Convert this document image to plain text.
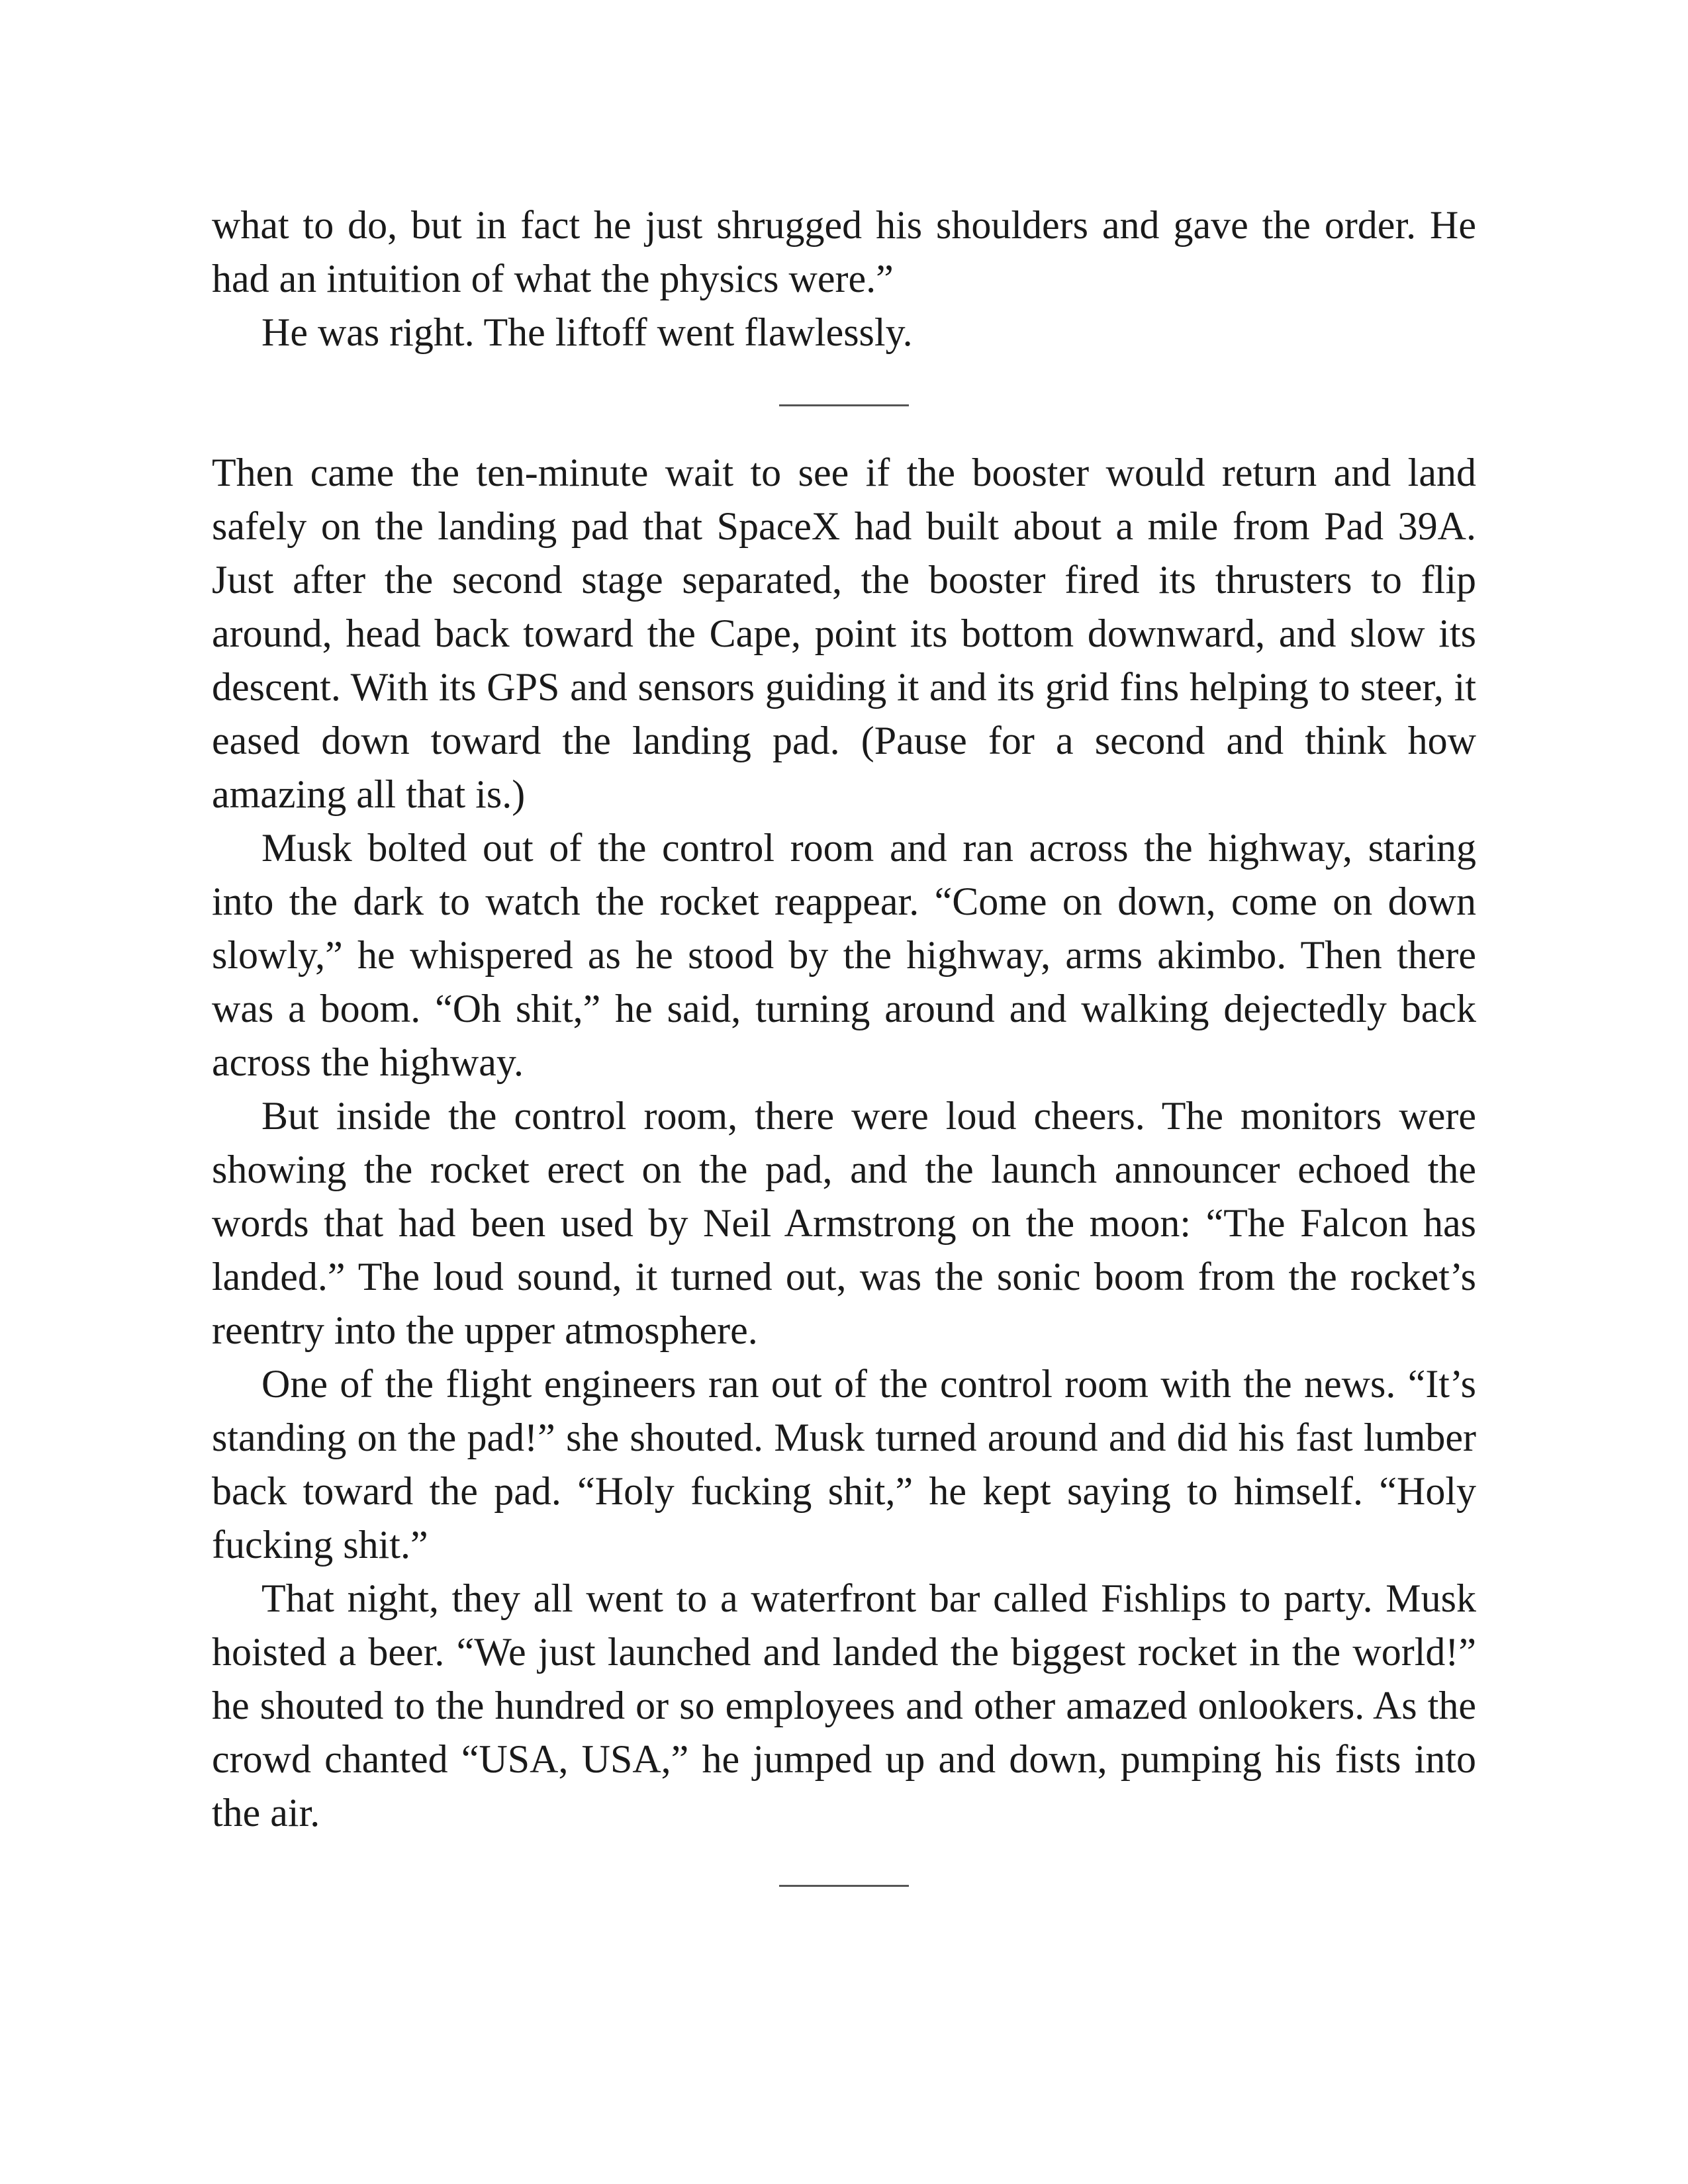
what to do, but in fact he just shrugged his shoulders and gave the order. He had an intuition of what the physics were.”

He was right. The liftoff went flawlessly.

Then came the ten-minute wait to see if the booster would return and land safely on the landing pad that SpaceX had built about a mile from Pad 39A. Just after the second stage separated, the booster fired its thrusters to flip around, head back toward the Cape, point its bottom downward, and slow its descent. With its GPS and sensors guiding it and its grid fins helping to steer, it eased down toward the landing pad. (Pause for a second and think how amazing all that is.)

Musk bolted out of the control room and ran across the highway, staring into the dark to watch the rocket reappear. “Come on down, come on down slowly,” he whispered as he stood by the highway, arms akimbo. Then there was a boom. “Oh shit,” he said, turning around and walking dejectedly back across the highway.

But inside the control room, there were loud cheers. The monitors were showing the rocket erect on the pad, and the launch announcer echoed the words that had been used by Neil Armstrong on the moon: “The Falcon has landed.” The loud sound, it turned out, was the sonic boom from the rocket’s reentry into the upper atmosphere.

One of the flight engineers ran out of the control room with the news. “It’s standing on the pad!” she shouted. Musk turned around and did his fast lumber back toward the pad. “Holy fucking shit,” he kept saying to himself. “Holy fucking shit.”

That night, they all went to a waterfront bar called Fishlips to party. Musk hoisted a beer. “We just launched and landed the biggest rocket in the world!” he shouted to the hundred or so employees and other amazed onlookers. As the crowd chanted “USA, USA,” he jumped up and down, pumping his fists into the air.
